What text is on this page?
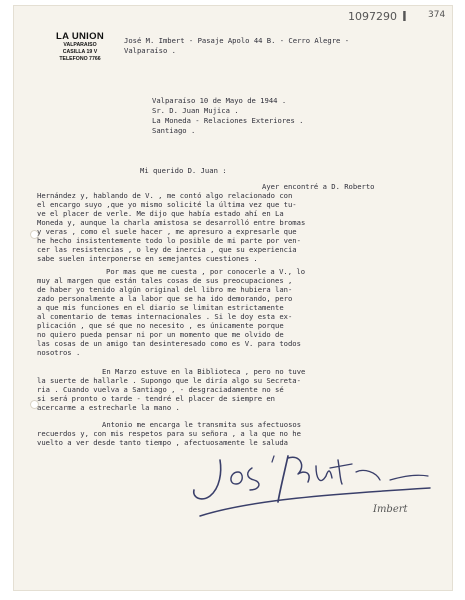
1097290 I 374
LA UNION
VALPARAISO
CASILLA 19 V
TELEFONO 7766
José M. Imbert - Pasaje Apolo 44 B. - Cerro Alegre -
Valparaíso .
Valparaíso 10 de Mayo de 1944 .
Sr. D. Juan Mujica .
La Moneda - Relaciones Exteriores .
Santiago .
Mi querido D. Juan :
Ayer encontré a D. Roberto
Hernández y, hablando de V. , me contó algo relacionado con
el encargo suyo ,que yo mismo solicité la última vez que tu-
ve el placer de verle. Me dijo que había estado ahí en La
Moneda y, aunque la charla amistosa se desarrolló entre bromas
y veras , como el suele hacer , me apresuro a expresarle que
he hecho insistentemente todo lo posible de mi parte por ven-
cer las resistencias , o ley de inercia , que su experiencia
sabe suelen interponerse en semejantes cuestiones .
Por mas que me cuesta , por conocerle a V., lo
muy al margen que están tales cosas de sus preocupaciones ,
de haber yo tenido algún original del libro me hubiera lan-
zado personalmente a la labor que se ha ido demorando, pero
a que mis funciones en el diario se limitan estrictamente
al comentario de temas internacionales . Si le doy esta ex-
plicación , que sé que no necesito , es únicamente porque
no quiero pueda pensar ni por un momento que me olvido de
las cosas de un amigo tan desinteresado como es V. para todos
nosotros .
En Marzo estuve en la Biblioteca , pero no tuve
la suerte de hallarle . Supongo que le diría algo su Secreta-
ria . Cuando vuelva a Santiago , - desgraciadamente no sé
si será pronto o tarde - tendré el placer de siempre en
acercarme a estrecharle la mano .
Antonio me encarga le transmita sus afectuosos
recuerdos y, con mis respetos para su señora , a la que no he
vuelto a ver desde tanto tiempo , afectuosamente le saluda
Imbert
